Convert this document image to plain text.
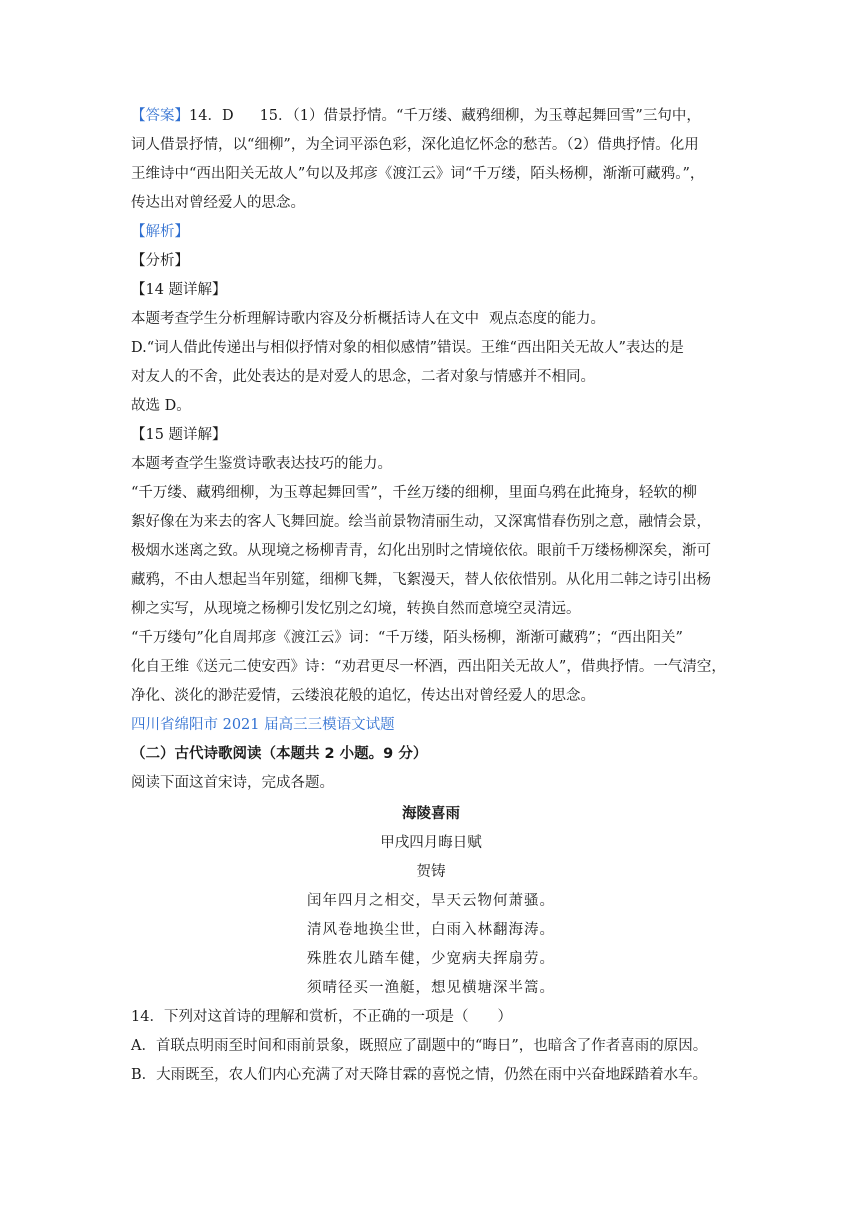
【答案】14．D 15．（1）借景抒情。“千万缕、藏鸦细柳，为玉尊起舞回雪”三句中，
词人借景抒情，以“细柳”，为全词平添色彩，深化追忆怀念的愁苦。（2）借典抒情。化用
王维诗中“西出阳关无故人”句以及邦彦《渡江云》词“千万缕，陌头杨柳，渐渐可藏鸦。”，
传达出对曾经爱人的思念。
【解析】
【分析】
【14 题详解】
本题考查学生分析理解诗歌内容及分析概括诗人在文中 观点态度的能力。
D.“词人借此传递出与相似抒情对象的相似感情”错误。王维“西出阳关无故人”表达的是
对友人的不舍，此处表达的是对爱人的思念，二者对象与情感并不相同。
故选 D。
【15 题详解】
本题考查学生鉴赏诗歌表达技巧的能力。
“千万缕、藏鸦细柳，为玉尊起舞回雪”，千丝万缕的细柳，里面乌鸦在此掩身，轻软的柳
絮好像在为来去的客人飞舞回旋。绘当前景物清丽生动，又深寓惜春伤别之意，融情会景，
极烟水迷离之致。从现境之杨柳青青，幻化出别时之情境依依。眼前千万缕杨柳深矣，渐可
藏鸦，不由人想起当年别筵，细柳飞舞，飞絮漫天，替人依依惜别。从化用二韩之诗引出杨
柳之实写，从现境之杨柳引发忆别之幻境，转换自然而意境空灵清远。
“千万缕句”化自周邦彦《渡江云》词：“千万缕，陌头杨柳，渐渐可藏鸦”；“西出阳关”
化自王维《送元二使安西》诗：“劝君更尽一杯酒，西出阳关无故人”，借典抒情。一气清空，
净化、淡化的渺茫爱情，云缕浪花般的追忆，传达出对曾经爱人的思念。
四川省绵阳市 2021 届高三三模语文试题
（二）古代诗歌阅读（本题共 2 小题。9 分）
阅读下面这首宋诗，完成各题。
海陵喜雨
甲戌四月晦日赋
贺铸
闰年四月之相交，旱天云物何萧骚。
清风卷地换尘世，白雨入林翻海涛。
殊胜农儿踏车健，少宽病夫挥扇劳。
须晴径买一渔艇，想见横塘深半篙。
14．下列对这首诗的理解和赏析，不正确的一项是（　　）
A．首联点明雨至时间和雨前景象，既照应了副题中的“晦日”，也暗含了作者喜雨的原因。
B．大雨既至，农人们内心充满了对天降甘霖的喜悦之情，仍然在雨中兴奋地踩踏着水车。
